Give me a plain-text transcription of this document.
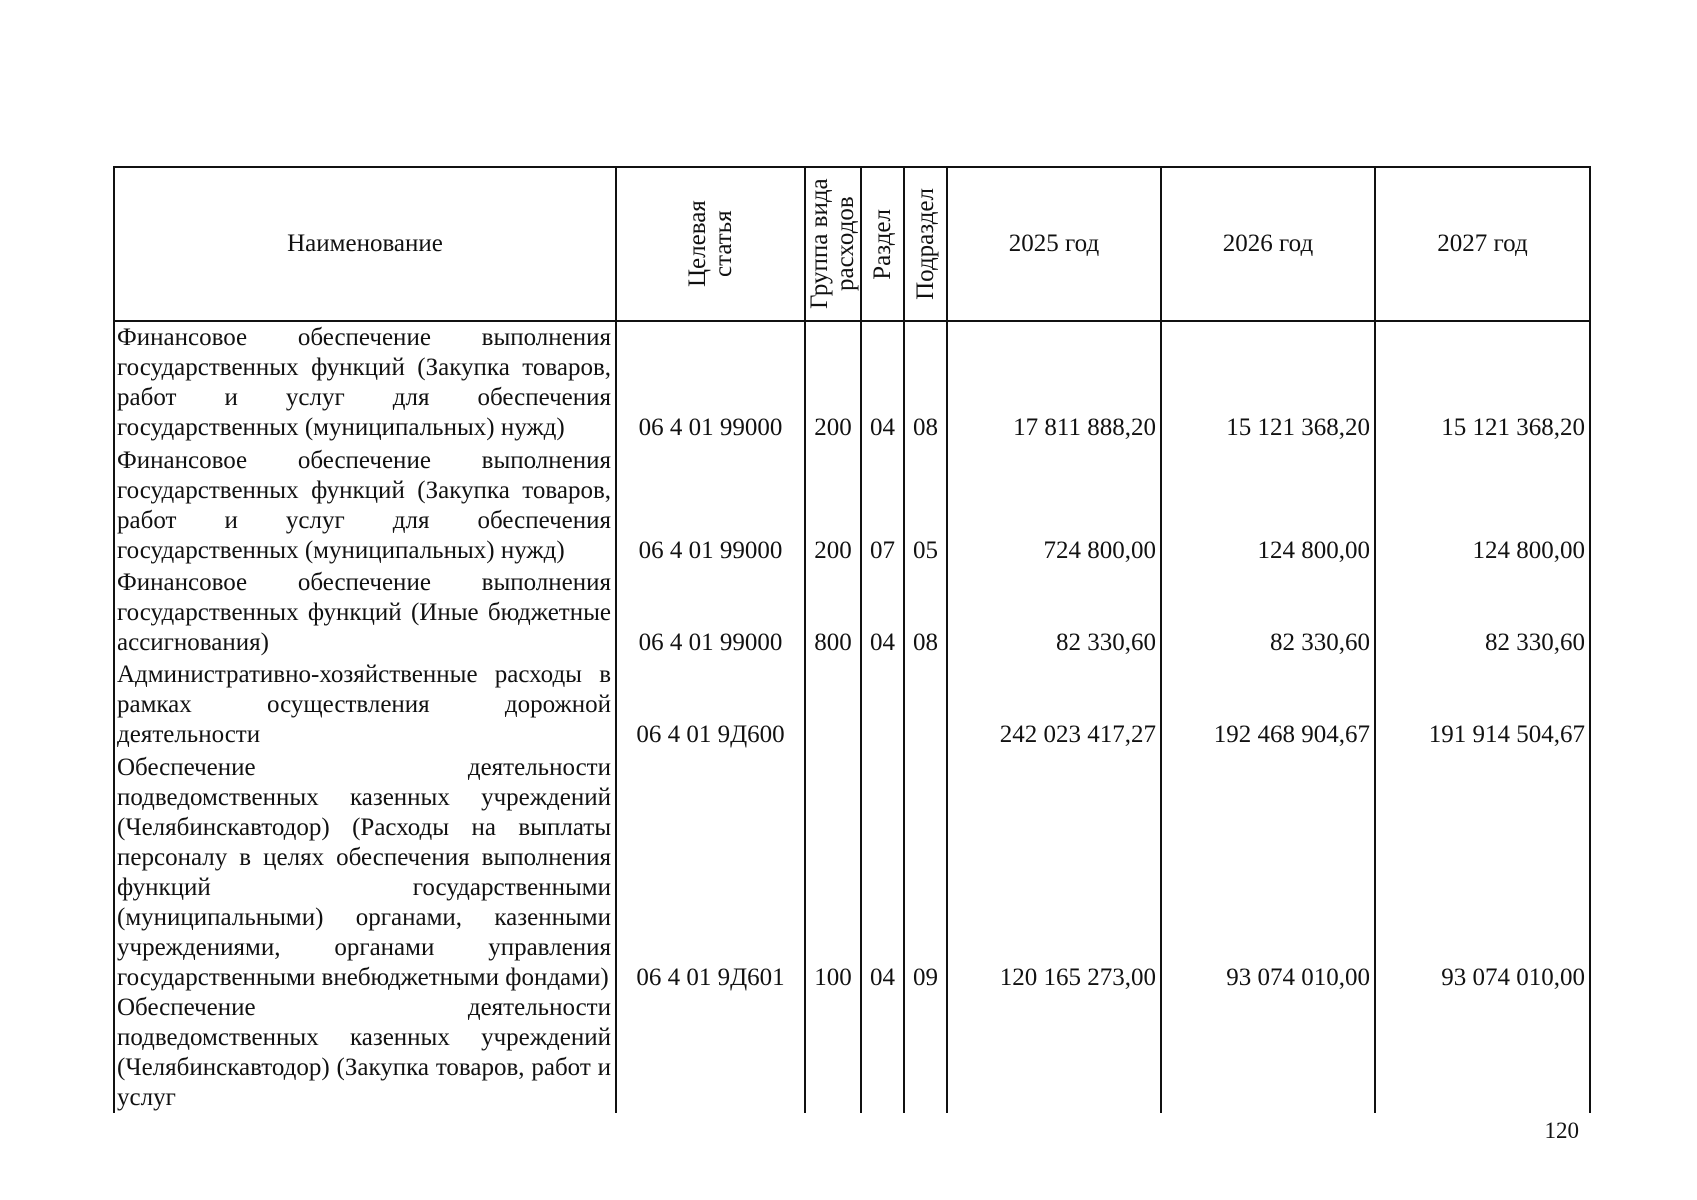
Наименование	Целевая статья	Группа вида расходов	Раздел	Подраздел	2025 год	2026 год	2027 год
Финансовое обеспечение выполнения государственных функций (Закупка товаров, работ и услуг для обеспечения государственных (муниципальных) нужд)	06 4 01 99000	200	04	08	17 811 888,20	15 121 368,20	15 121 368,20
Финансовое обеспечение выполнения государственных функций (Закупка товаров, работ и услуг для обеспечения государственных (муниципальных) нужд)	06 4 01 99000	200	07	05	724 800,00	124 800,00	124 800,00
Финансовое обеспечение выполнения государственных функций (Иные бюджетные ассигнования)	06 4 01 99000	800	04	08	82 330,60	82 330,60	82 330,60
Административно-хозяйственные расходы в рамках осуществления дорожной деятельности	06 4 01 9Д600				242 023 417,27	192 468 904,67	191 914 504,67
Обеспечение деятельности подведомственных казенных учреждений (Челябинскавтодор) (Расходы на выплаты персоналу в целях обеспечения выполнения функций государственными (муниципальными) органами, казенными учреждениями, органами управления государственными внебюджетными фондами)	06 4 01 9Д601	100	04	09	120 165 273,00	93 074 010,00	93 074 010,00
Обеспечение деятельности подведомственных казенных учреждений (Челябинскавтодор) (Закупка товаров, работ и услуг							
120
